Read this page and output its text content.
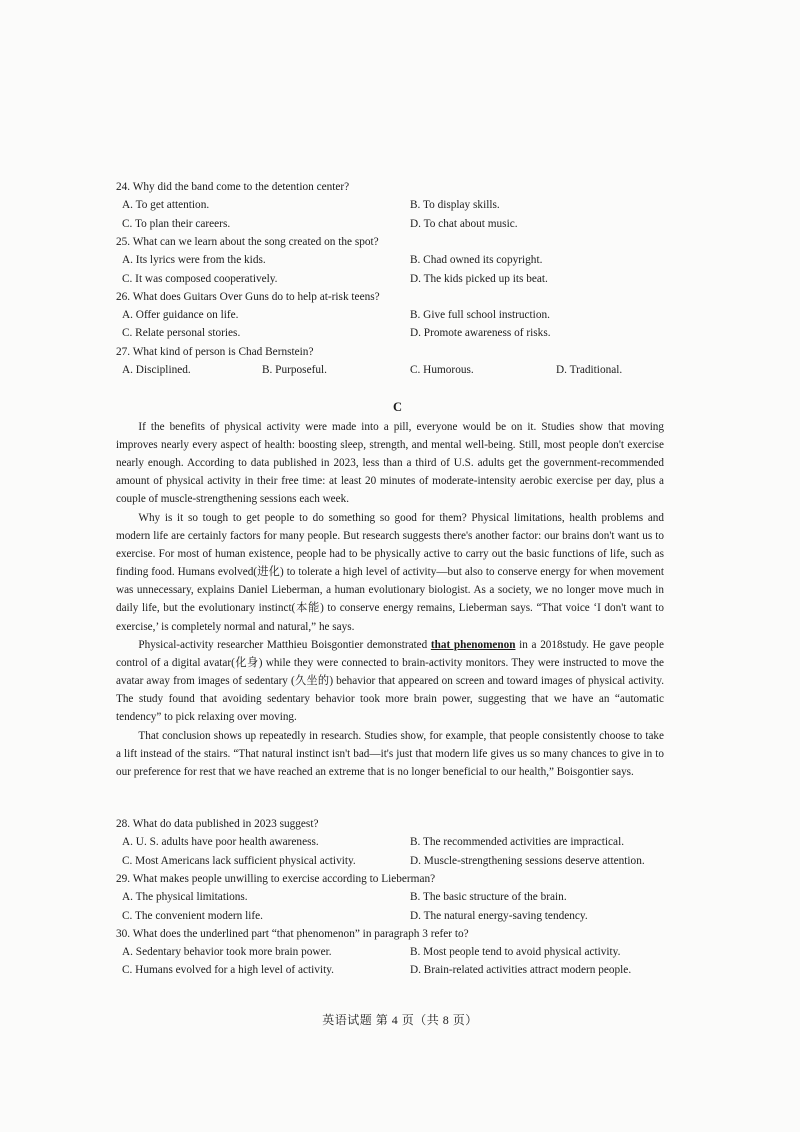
24. Why did the band come to the detention center?
A. To get attention.	B. To display skills.
C. To plan their careers.	D. To chat about music.
25. What can we learn about the song created on the spot?
A. Its lyrics were from the kids.	B. Chad owned its copyright.
C. It was composed cooperatively.	D. The kids picked up its beat.
26. What does Guitars Over Guns do to help at-risk teens?
A. Offer guidance on life.	B. Give full school instruction.
C. Relate personal stories.	D. Promote awareness of risks.
27. What kind of person is Chad Bernstein?
A. Disciplined.	B. Purposeful.	C. Humorous.	D. Traditional.
C

If the benefits of physical activity were made into a pill, everyone would be on it. Studies show that moving improves nearly every aspect of health: boosting sleep, strength, and mental well-being. Still, most people don't exercise nearly enough. According to data published in 2023, less than a third of U.S. adults get the government-recommended amount of physical activity in their free time: at least 20 minutes of moderate-intensity aerobic exercise per day, plus a couple of muscle-strengthening sessions each week.

Why is it so tough to get people to do something so good for them? Physical limitations, health problems and modern life are certainly factors for many people. But research suggests there's another factor: our brains don't want us to exercise. For most of human existence, people had to be physically active to carry out the basic functions of life, such as finding food. Humans evolved(进化) to tolerate a high level of activity—but also to conserve energy for when movement was unnecessary, explains Daniel Lieberman, a human evolutionary biologist. As a society, we no longer move much in daily life, but the evolutionary instinct(本能) to conserve energy remains, Lieberman says. “That voice ‘I don't want to exercise,’ is completely normal and natural,” he says.

Physical-activity researcher Matthieu Boisgontier demonstrated that phenomenon in a 2018study. He gave people control of a digital avatar(化身) while they were connected to brain-activity monitors. They were instructed to move the avatar away from images of sedentary (久坐的) behavior that appeared on screen and toward images of physical activity. The study found that avoiding sedentary behavior took more brain power, suggesting that we have an “automatic tendency” to pick relaxing over moving.

That conclusion shows up repeatedly in research. Studies show, for example, that people consistently choose to take a lift instead of the stairs. “That natural instinct isn't bad—it's just that modern life gives us so many chances to give in to our preference for rest that we have reached an extreme that is no longer beneficial to our health,” Boisgontier says.

28. What do data published in 2023 suggest?
A. U. S. adults have poor health awareness.	B. The recommended activities are impractical.
C. Most Americans lack sufficient physical activity.	D. Muscle-strengthening sessions deserve attention.
29. What makes people unwilling to exercise according to Lieberman?
A. The physical limitations.	B. The basic structure of the brain.
C. The convenient modern life.	D. The natural energy-saving tendency.
30. What does the underlined part “that phenomenon” in paragraph 3 refer to?
A. Sedentary behavior took more brain power.	B. Most people tend to avoid physical activity.
C. Humans evolved for a high level of activity.	D. Brain-related activities attract modern people.
英语试题 第 4 页（共 8 页）
